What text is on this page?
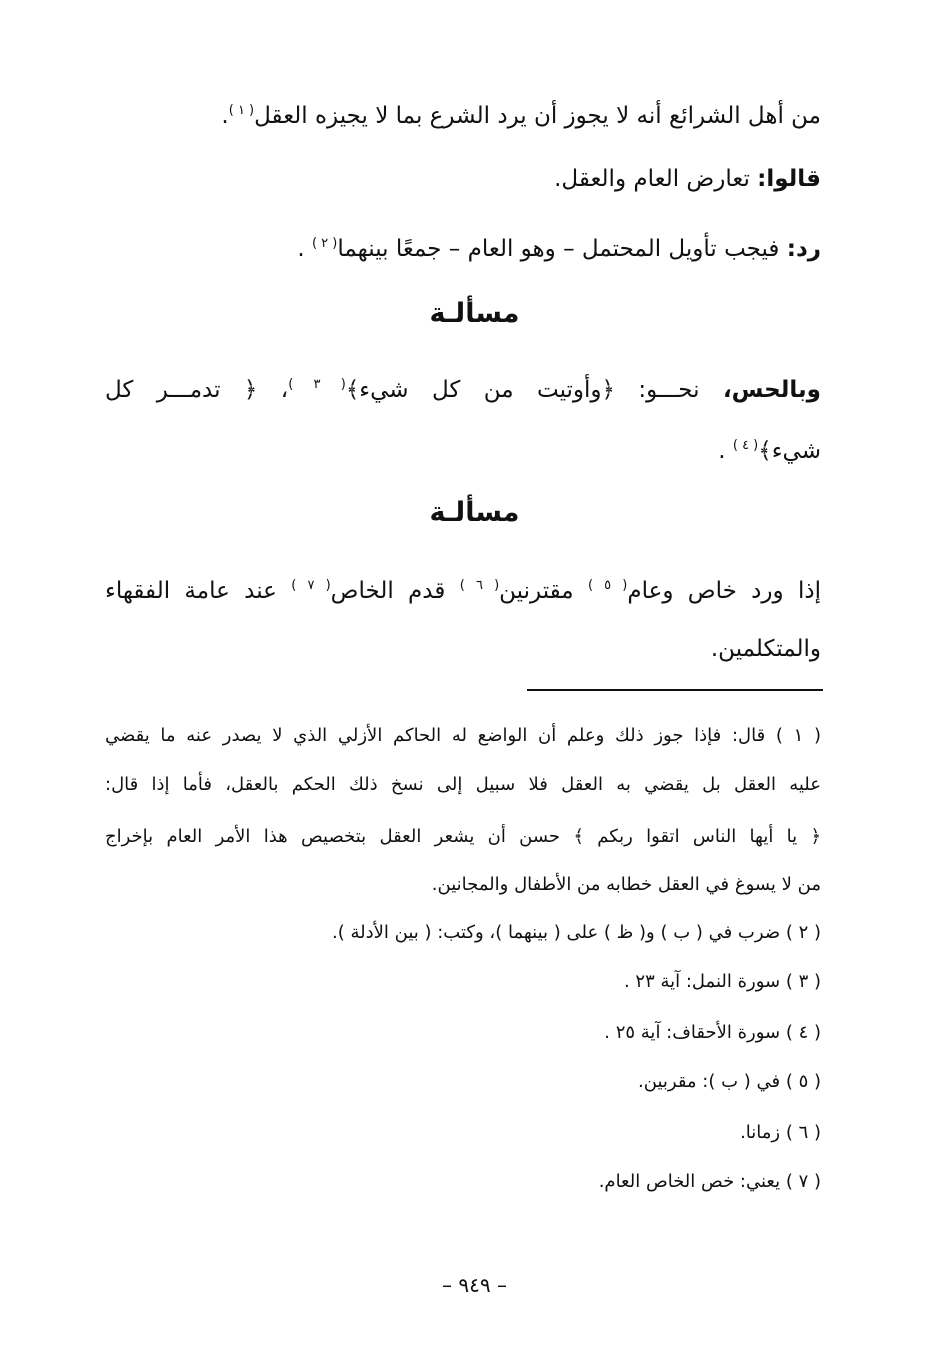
من أهل الشرائع أنه لا يجوز أن يرد الشرع بما لا يجيزه العقل$^{( ١ )}$.
قالوا: تعارض العام والعقل.
رد: فيجب تأويل المحتمل – وهو العام – جمعًا بينهما$^{( ٢ )}$ .
مسألـة
وبالحس، نحـــو: ﴿وأوتيت من كل شيء﴾$^{( ٣ )}$، ﴿ تدمـــر كل
شيء﴾$^{( ٤ )}$ .
مسألـة
إذا ورد خاص وعام$^{( ٥ )}$ مقترنين$^{( ٦ )}$ قدم الخاص$^{( ٧ )}$ عند عامة الفقهاء
والمتكلمين.
( ١ ) قال: فإذا جوز ذلك وعلم أن الواضع له الحاكم الأزلي الذي لا يصدر عنه ما يقضي
عليه العقل بل يقضي به العقل فلا سبيل إلى نسخ ذلك الحكم بالعقل، فأما إذا قال:
﴿ يا أيها الناس اتقوا ربكم ﴾ حسن أن يشعر العقل بتخصيص هذا الأمر العام بإخراج
من لا يسوغ في العقل خطابه من الأطفال والمجانين.
( ٢ ) ضرب في ( ب ) و( ظ ) على ( بينهما )، وكتب: ( بين الأدلة ).
( ٣ ) سورة النمل: آية ٢٣ .
( ٤ ) سورة الأحقاف: آية ٢٥ .
( ٥ ) في ( ب ): مقربين.
( ٦ ) زمانا.
( ٧ ) يعني: خص الخاص العام.
– ٩٤٩ –
